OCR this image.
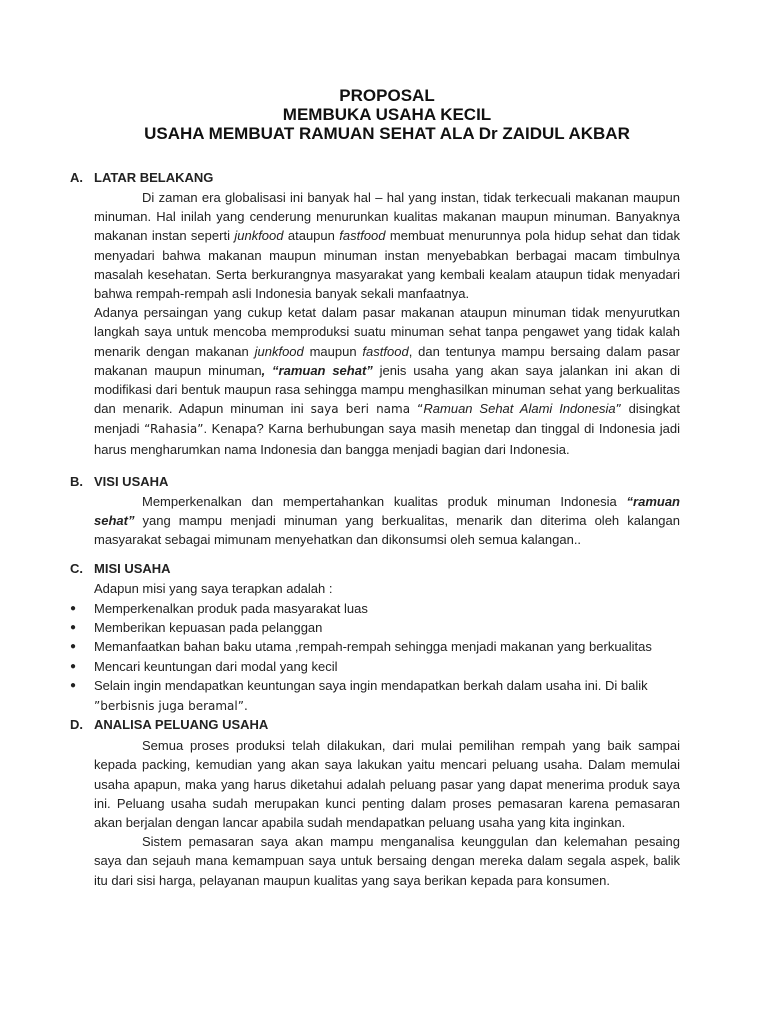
PROPOSAL
MEMBUKA USAHA KECIL
USAHA MEMBUAT RAMUAN SEHAT ALA Dr ZAIDUL AKBAR
A. LATAR BELAKANG

Di zaman era globalisasi ini banyak hal – hal yang instan, tidak terkecuali makanan maupun minuman. Hal inilah yang cenderung menurunkan kualitas makanan maupun minuman. Banyaknya makanan instan seperti junkfood ataupun fastfood membuat menurunnya pola hidup sehat dan tidak menyadari bahwa makanan maupun minuman instan menyebabkan berbagai macam timbulnya masalah kesehatan. Serta berkurangnya masyarakat yang kembali kealam ataupun tidak menyadari bahwa rempah-rempah asli Indonesia banyak sekali manfaatnya.

Adanya persaingan yang cukup ketat dalam pasar makanan ataupun minuman tidak menyurutkan langkah saya untuk mencoba memproduksi suatu minuman sehat tanpa pengawet yang tidak kalah menarik dengan makanan junkfood maupun fastfood, dan tentunya mampu bersaing dalam pasar makanan maupun minuman, “ramuan sehat” jenis usaha yang akan saya jalankan ini akan di modifikasi dari bentuk maupun rasa sehingga mampu menghasilkan minuman sehat yang berkualitas dan menarik. Adapun minuman ini saya beri nama “Ramuan Sehat Alami Indonesia” disingkat menjadi “Rahasia”. Kenapa? Karna berhubungan saya masih menetap dan tinggal di Indonesia jadi harus mengharumkan nama Indonesia dan bangga menjadi bagian dari Indonesia.

B. VISI USAHA

Memperkenalkan dan mempertahankan kualitas produk minuman Indonesia “ramuan sehat” yang mampu menjadi minuman yang berkualitas, menarik dan diterima oleh kalangan masyarakat sebagai mimunam menyehatkan dan dikonsumsi oleh semua kalangan..

C. MISI USAHA

Adapun misi yang saya terapkan adalah :

●	Memperkenalkan produk pada masyarakat luas
●	Memberikan kepuasan pada pelanggan
●	Memanfaatkan bahan baku utama ,rempah-rempah sehingga menjadi makanan yang berkualitas
●	Mencari keuntungan dari modal yang kecil
●	Selain ingin mendapatkan keuntungan saya ingin mendapatkan berkah dalam usaha ini. Di balik ”berbisnis juga beramal”.
D. ANALISA PELUANG USAHA

Semua proses produksi telah dilakukan, dari mulai pemilihan rempah yang baik sampai kepada packing, kemudian yang akan saya lakukan yaitu mencari peluang usaha. Dalam memulai usaha apapun, maka yang harus diketahui adalah peluang pasar yang dapat menerima produk saya ini. Peluang usaha sudah merupakan kunci penting dalam proses pemasaran karena pemasaran akan berjalan dengan lancar apabila sudah mendapatkan peluang usaha yang kita inginkan.

Sistem pemasaran saya akan mampu menganalisa keunggulan dan kelemahan pesaing saya dan sejauh mana kemampuan saya untuk bersaing dengan mereka dalam segala aspek, balik itu dari sisi harga, pelayanan maupun kualitas yang saya berikan kepada para konsumen.
